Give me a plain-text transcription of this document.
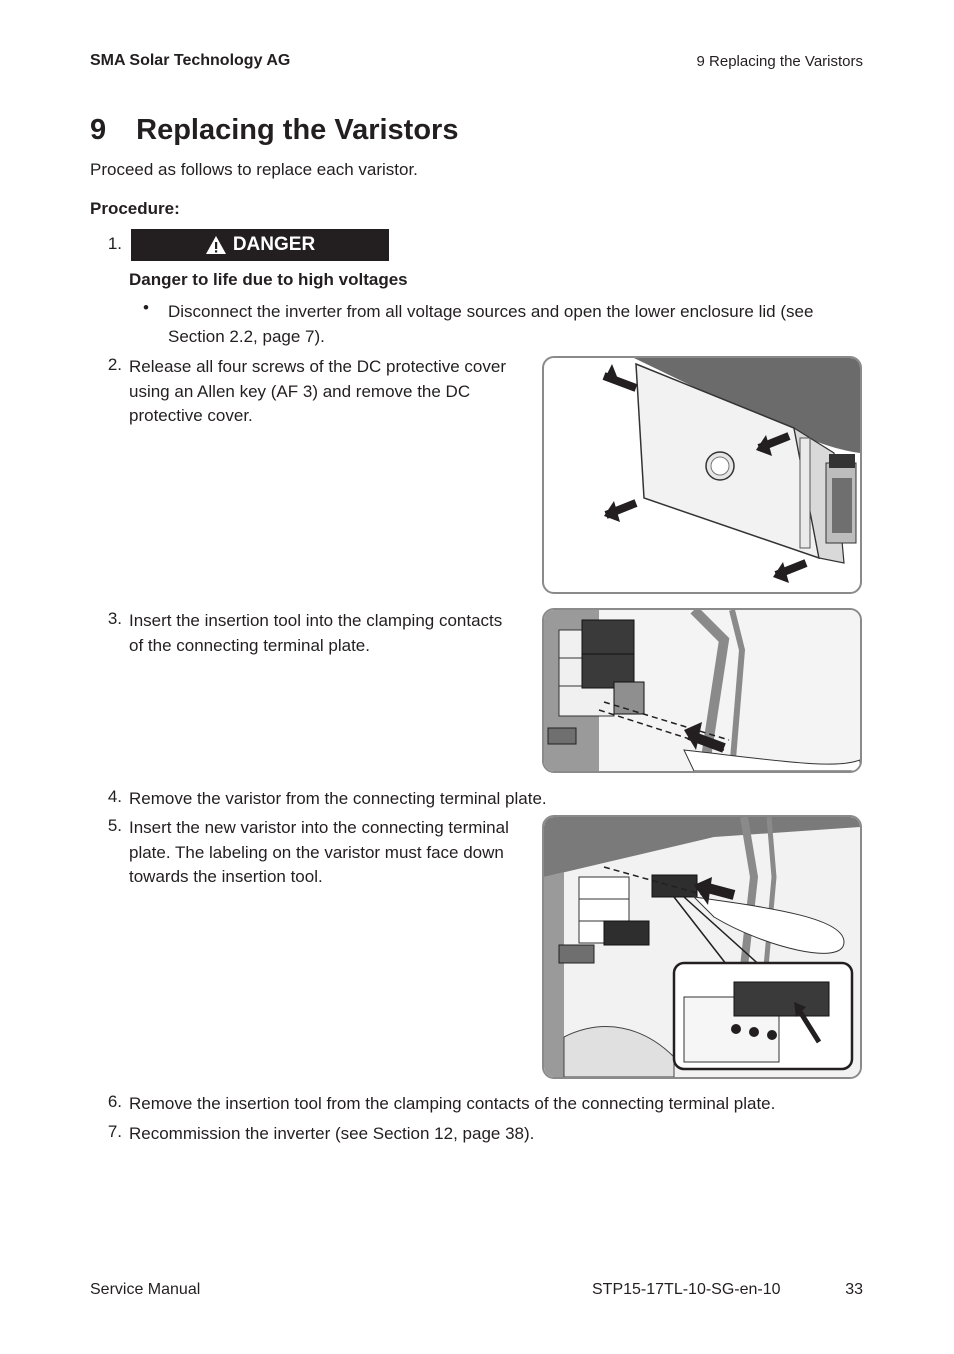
SMA Solar Technology AG	9 Replacing the Varistors
9 Replacing the Varistors
Proceed as follows to replace each varistor.
Procedure:
1.	DANGER
Danger to life due to high voltages
• Disconnect the inverter from all voltage sources and open the lower enclosure lid (see Section 2.2, page 7).
2. Release all four screws of the DC protective cover using an Allen key (AF 3) and remove the DC protective cover.
3. Insert the insertion tool into the clamping contacts of the connecting terminal plate.
4. Remove the varistor from the connecting terminal plate.
5. Insert the new varistor into the connecting terminal plate. The labeling on the varistor must face down towards the insertion tool.
6. Remove the insertion tool from the clamping contacts of the connecting terminal plate.
7. Recommission the inverter (see Section 12, page 38).
Service Manual	STP15-17TL-10-SG-en-10	33
